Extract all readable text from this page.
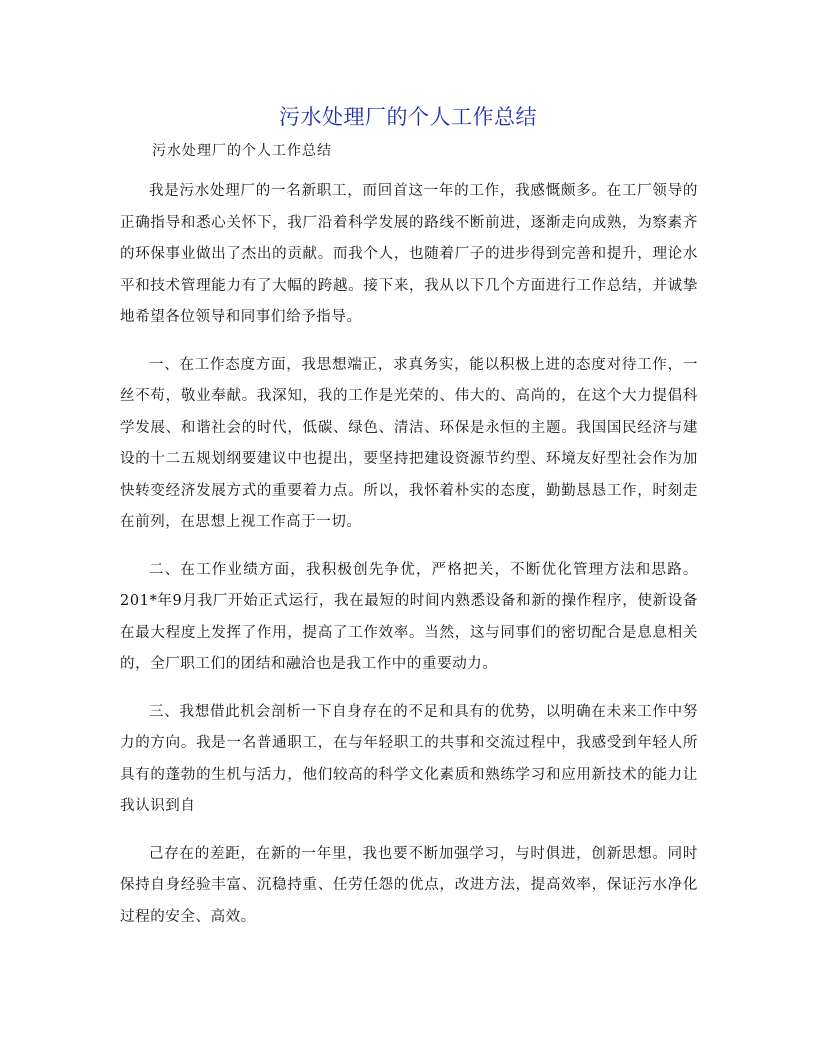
污水处理厂的个人工作总结
污水处理厂的个人工作总结

我是污水处理厂的一名新职工，而回首这一年的工作，我感慨颇多。在工厂领导的正确指导和悉心关怀下，我厂沿着科学发展的路线不断前进，逐渐走向成熟，为察素齐的环保事业做出了杰出的贡献。而我个人，也随着厂子的进步得到完善和提升，理论水平和技术管理能力有了大幅的跨越。接下来，我从以下几个方面进行工作总结，并诚挚地希望各位领导和同事们给予指导。

一、在工作态度方面，我思想端正，求真务实，能以积极上进的态度对待工作，一丝不苟，敬业奉献。我深知，我的工作是光荣的、伟大的、高尚的，在这个大力提倡科学发展、和谐社会的时代，低碳、绿色、清洁、环保是永恒的主题。我国国民经济与建设的十二五规划纲要建议中也提出，要坚持把建设资源节约型、环境友好型社会作为加快转变经济发展方式的重要着力点。所以，我怀着朴实的态度，勤勤恳恳工作，时刻走在前列，在思想上视工作高于一切。

二、在工作业绩方面，我积极创先争优，严格把关，不断优化管理方法和思路。201*年9月我厂开始正式运行，我在最短的时间内熟悉设备和新的操作程序，使新设备在最大程度上发挥了作用，提高了工作效率。当然，这与同事们的密切配合是息息相关的，全厂职工们的团结和融洽也是我工作中的重要动力。

三、我想借此机会剖析一下自身存在的不足和具有的优势，以明确在未来工作中努力的方向。我是一名普通职工，在与年轻职工的共事和交流过程中，我感受到年轻人所具有的蓬勃的生机与活力，他们较高的科学文化素质和熟练学习和应用新技术的能力让我认识到自

己存在的差距，在新的一年里，我也要不断加强学习，与时俱进，创新思想。同时保持自身经验丰富、沉稳持重、任劳任怨的优点，改进方法，提高效率，保证污水净化过程的安全、高效。
